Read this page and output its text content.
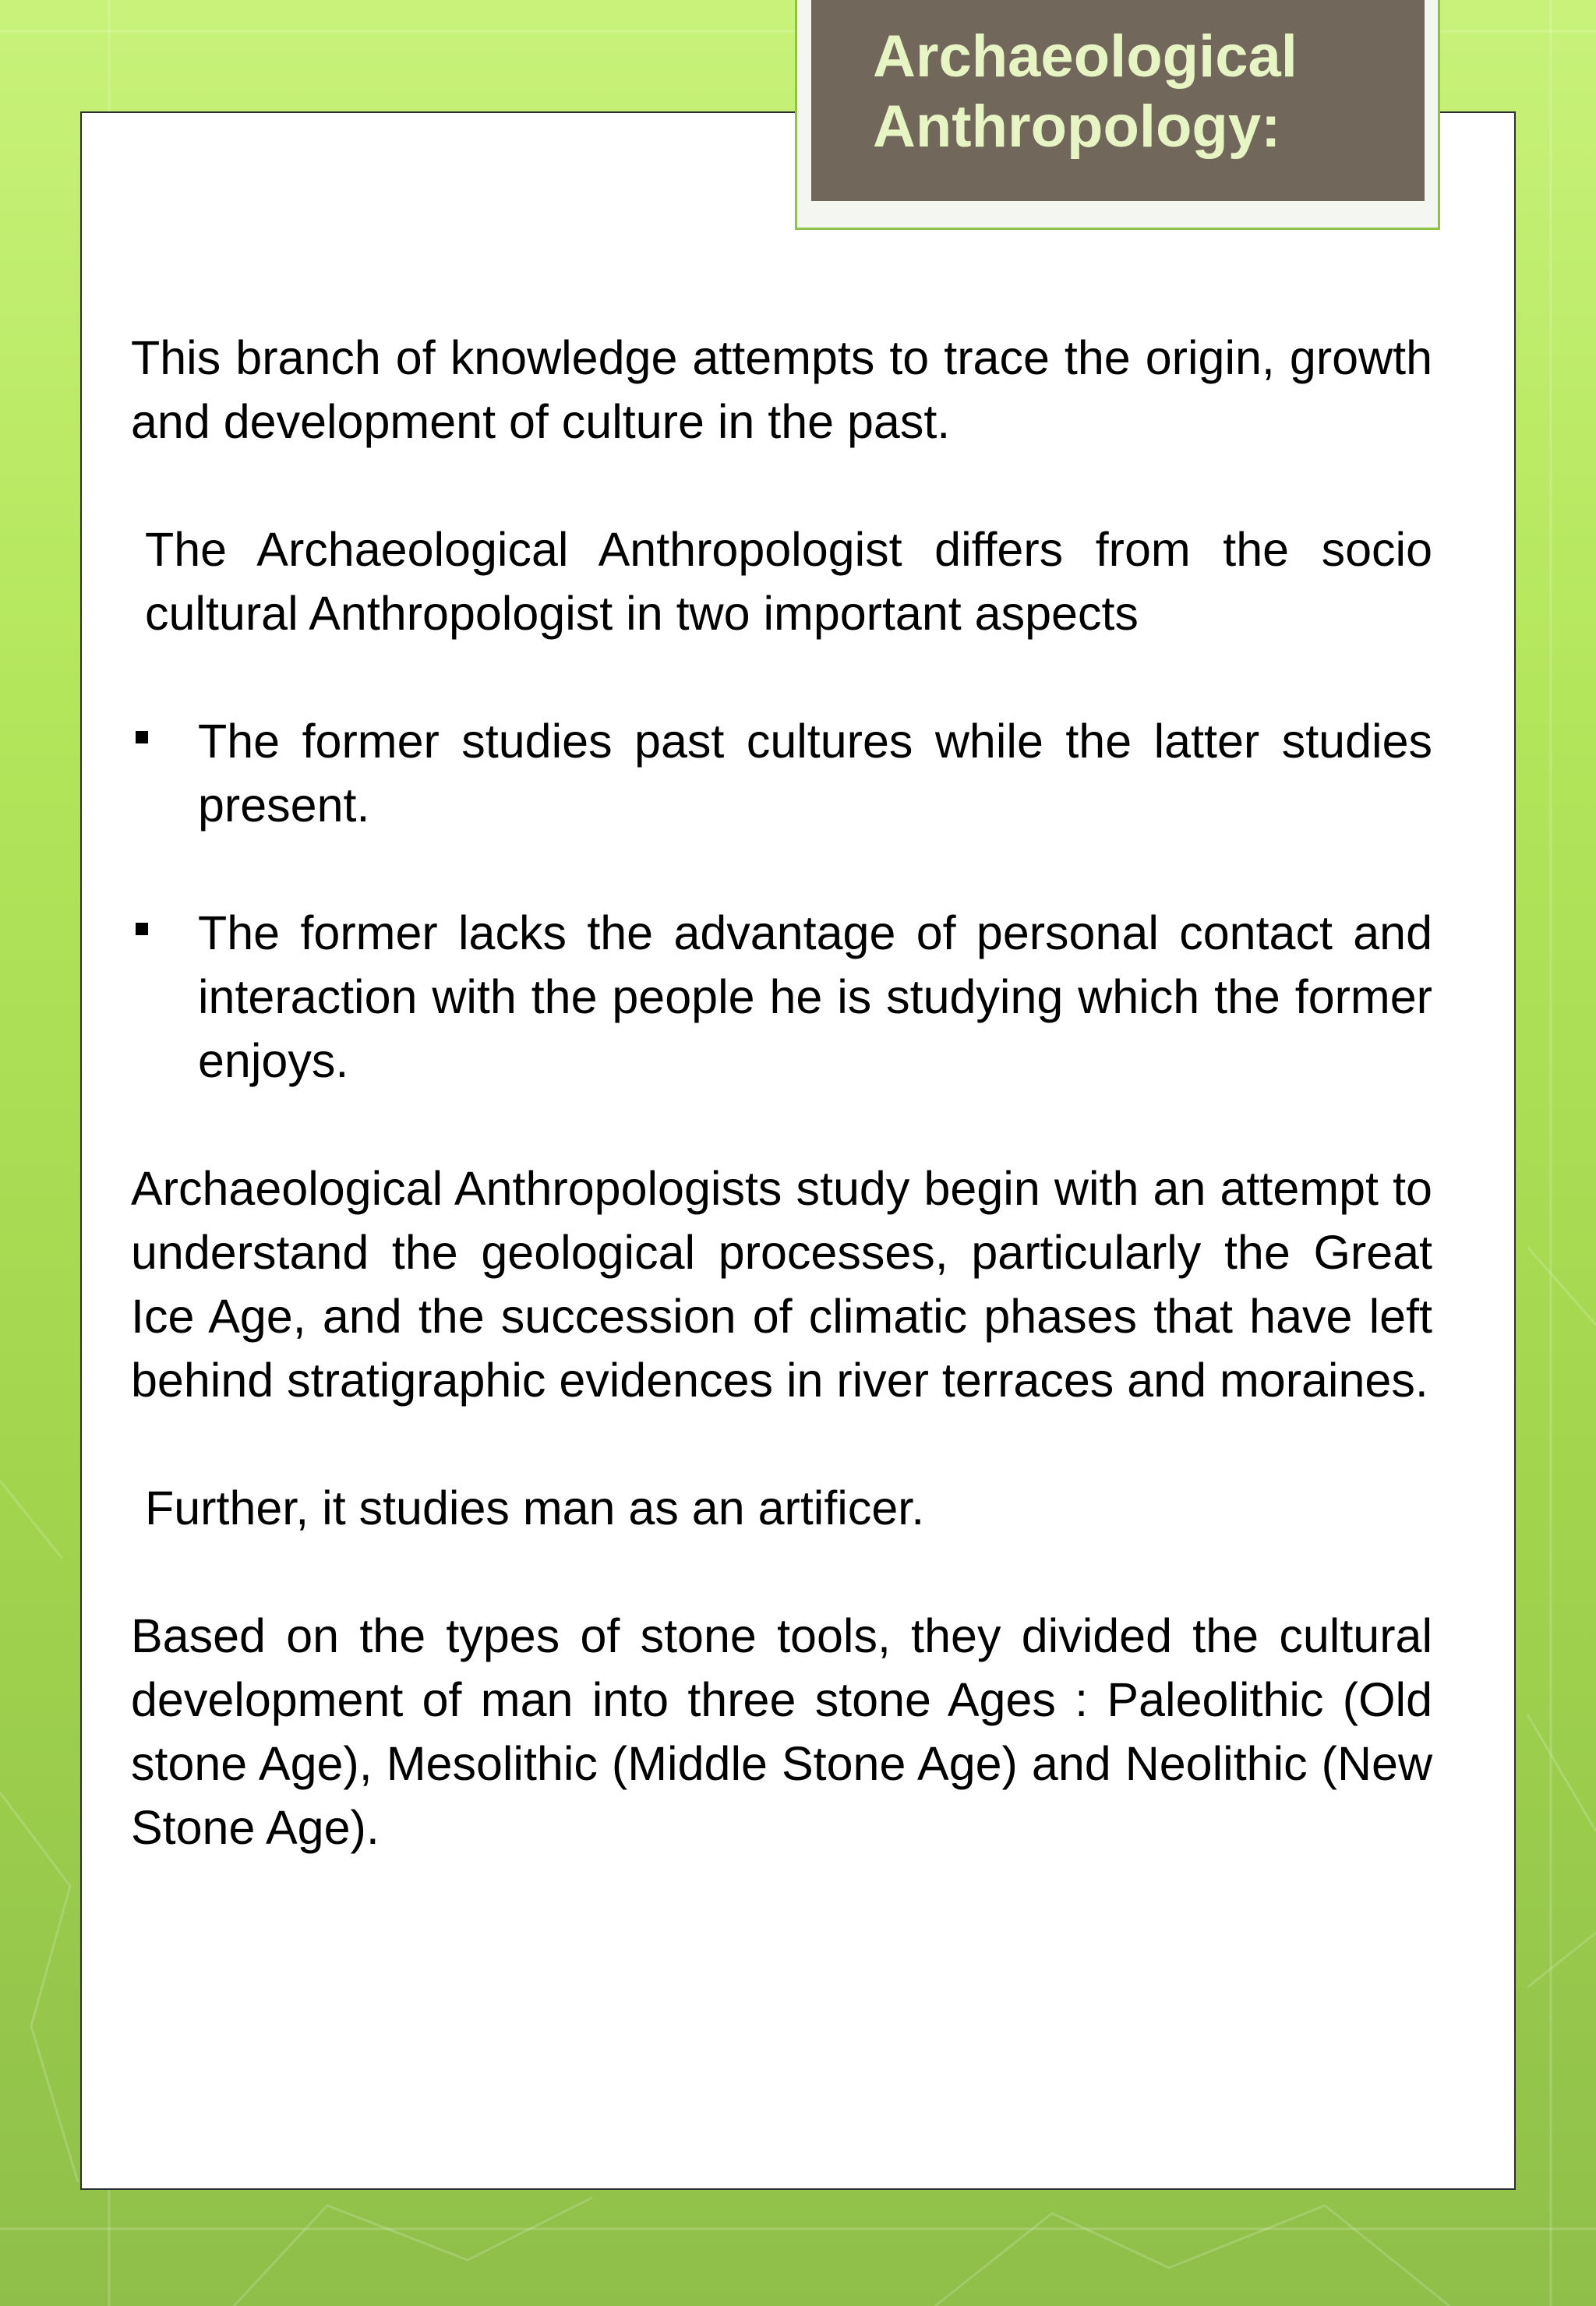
Archaeological Anthropology:

This branch of knowledge attempts to trace the origin, growth and development of culture in the past.

The Archaeological Anthropologist differs from the socio cultural Anthropologist in two important aspects

The former studies past cultures while the latter studies present.
The former lacks the advantage of personal contact and interaction with the people he is studying which the former enjoys.

Archaeological Anthropologists study begin with an attempt to understand the geological processes, particularly the Great Ice Age, and the succession of climatic phases that have left behind stratigraphic evidences in river terraces and moraines.

Further, it studies man as an artificer.

Based on the types of stone tools, they divided the cultural development of man into three stone Ages : Paleolithic (Old stone Age), Mesolithic (Middle Stone Age) and Neolithic (New Stone Age).
